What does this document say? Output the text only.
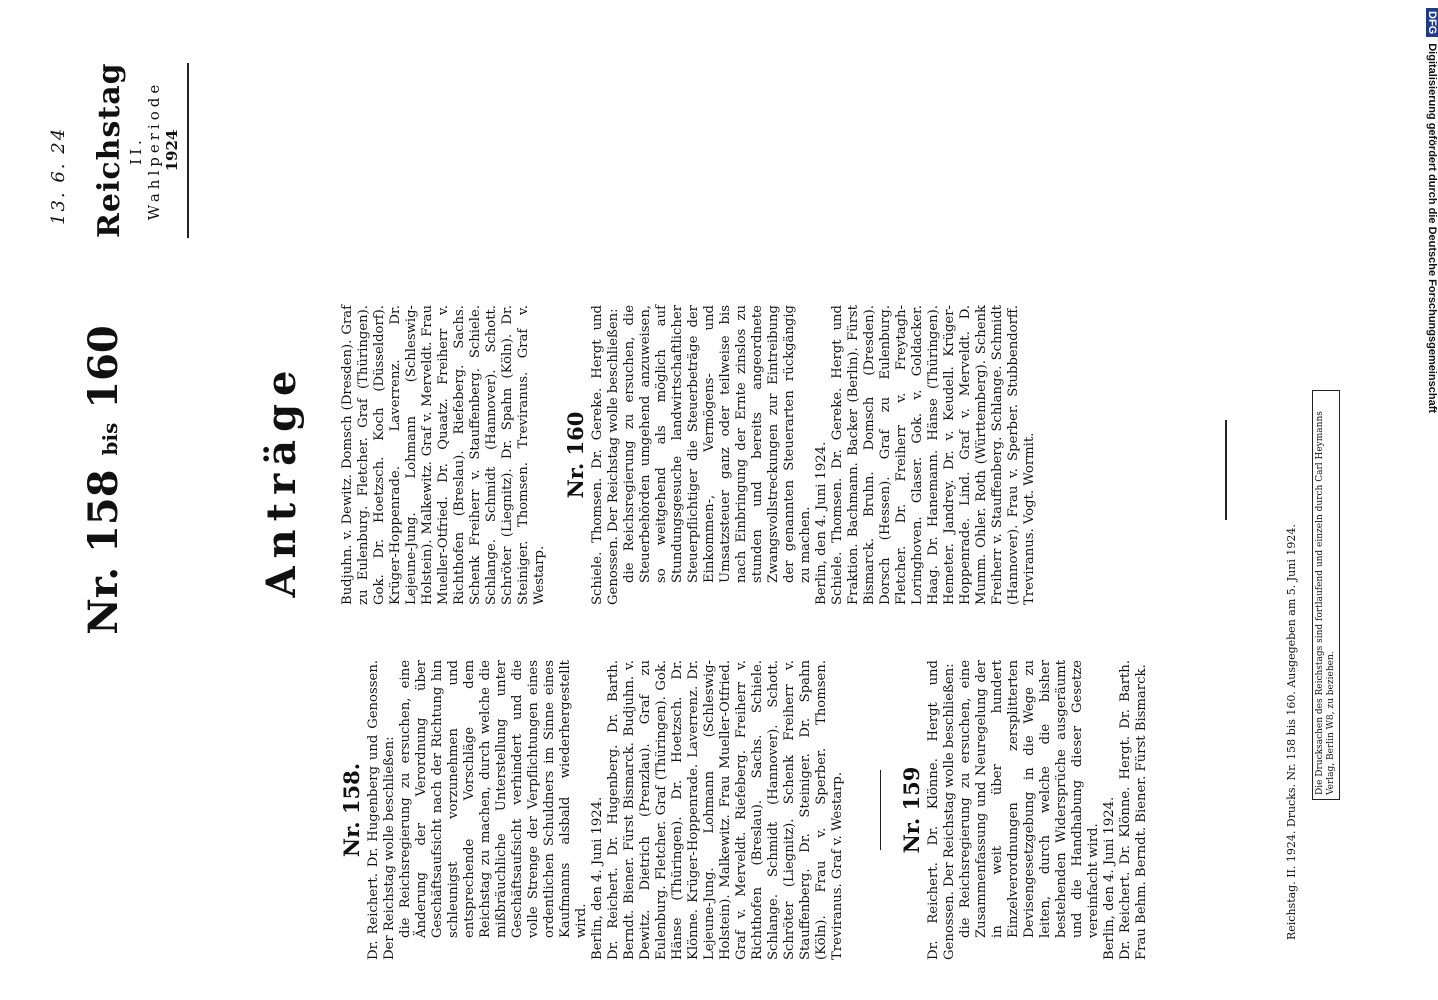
13. 6. 24 Reichstag II. Wahlperiode 1924
Nr. 158 bis 160	Anträge
Nr. 158. Dr. Reichert. Dr. Hugenberg und Genossen. Der Reichstag wolle beschließen: die Reichsregierung zu ersuchen, eine Änderung der Verordnung über Geschäftsaufsicht nach der Richtung hin schleunigst vorzunehmen und entsprechende Vorschläge dem Reichstag zu machen, durch welche die mißbräuchliche Unterstellung unter Geschäftsaufsicht verhindert und die volle Strenge der Verpflichtungen eines ordentlichen Schuldners im Sinne eines Kaufmanns alsbald wiederhergestellt wird. Berlin, den 4. Juni 1924. Dr. Reichert. Dr. Hugenberg. Dr. Barth. Berndt. Biener. Fürst Bismarck. Budjuhn. v. Dewitz. Dietrich (Prenzlau). Graf zu Eulenburg. Fletcher. Graf (Thüringen). Gok. Hänse (Thüringen). Dr. Hoetzsch. Dr. Klönne. Krüger-Hoppenrade. Laverrenz. Dr. Lejeune-Jung. Lohmann (Schleswig-Holstein). Malkewitz. Frau Mueller-Otfried. Graf v. Merveldt. Riefeberg. Freiherr v. Richthofen (Breslau). Sachs. Schiele. Schlange. Schmidt (Hannover). Schott. Schröter (Liegnitz). Schenk Freiherr v. Stauffenberg. Dr. Steiniger. Dr. Spahn (Köln). Frau v. Sperber. Thomsen. Treviranus. Graf v. Westarp.	Nr. 159 Dr. Reichert. Dr. Klönne. Hergt und Genossen. Der Reichstag wolle beschließen: die Reichsregierung zu ersuchen, eine Zusammenfassung und Neuregelung der in weit über hundert Einzelverordnungen zersplitterten Devisengesetzgebung in die Wege zu leiten, durch welche die bisher bestehenden Widersprüche ausgeräumt und die Handhabung dieser Gesetze vereinfacht wird. Berlin, den 4. Juni 1924. Dr. Reichert. Dr. Klönne. Hergt. Dr. Barth. Frau Behm. Berndt. Biener. Fürst Bismarck.

Budjuhn. v. Dewitz. Domsch (Dresden). Graf zu Eulenburg. Fletcher. Graf (Thüringen). Gok. Dr. Hoetzsch. Koch (Düsseldorf). Krüger-Hoppenrade. Laverrenz. Dr. Lejeune-Jung. Lohmann (Schleswig-Holstein). Malkewitz. Graf v. Merveldt. Frau Mueller-Otfried. Dr. Quaatz. Freiherr v. Richthofen (Breslau). Riefeberg. Sachs. Schenk Freiherr v. Stauffenberg. Schiele. Schlange. Schmidt (Hannover). Schott. Schröter (Liegnitz). Dr. Spahn (Köln). Dr. Steiniger. Thomsen. Treviranus. Graf v. Westarp.

Nr. 160 Schiele. Thomsen. Dr. Gereke. Hergt und Genossen. Der Reichstag wolle beschließen: die Reichsregierung zu ersuchen, die Steuerbehörden umgehend anzuweisen, so weitgehend als möglich auf Stundungsgesuche landwirtschaftlicher Steuerpflichtiger die Steuerbeträge der Einkommen-, Vermögens- und Umsatzsteuer ganz oder teilweise bis nach Einbringung der Ernte zinslos zu stunden und bereits angeordnete Zwangsvollstreckungen zur Eintreibung der genannten Steuerarten rückgängig zu machen. Berlin, den 4. Juni 1924. Schiele. Thomsen. Dr. Gereke. Hergt und Fraktion. Bachmann. Backer (Berlin). Fürst Bismarck. Bruhn. Domsch (Dresden). Dorsch (Hessen). Graf zu Eulenburg. Fletcher. Dr. Freiherr v. Freytagh-Loringhoven. Glaser. Gok. v. Goldacker. Haag. Dr. Hanemann. Hänse (Thüringen). Hemeter. Jandrey. Dr. v. Keudell. Krüger-Hoppenrade. Lind. Graf v. Merveldt. D. Mumm. Ohler. Roth (Württemberg). Schenk Freiherr v. Stauffenberg. Schlange. Schmidt (Hannover). Frau v. Sperber. Stubbendorff. Treviranus. Vogt. Wormit.

Reichstag. II. 1924. Drucks. Nr. 158 bis 160. Ausgegeben am 5. Juni 1924.	Die Drucksachen des Reichstags sind fortlaufend und einzeln durch Carl Heymanns Verlag, Berlin W8, zu beziehen.
DFGDigitalisierung gefördert durch die Deutsche Forschungsgemeinschaft
